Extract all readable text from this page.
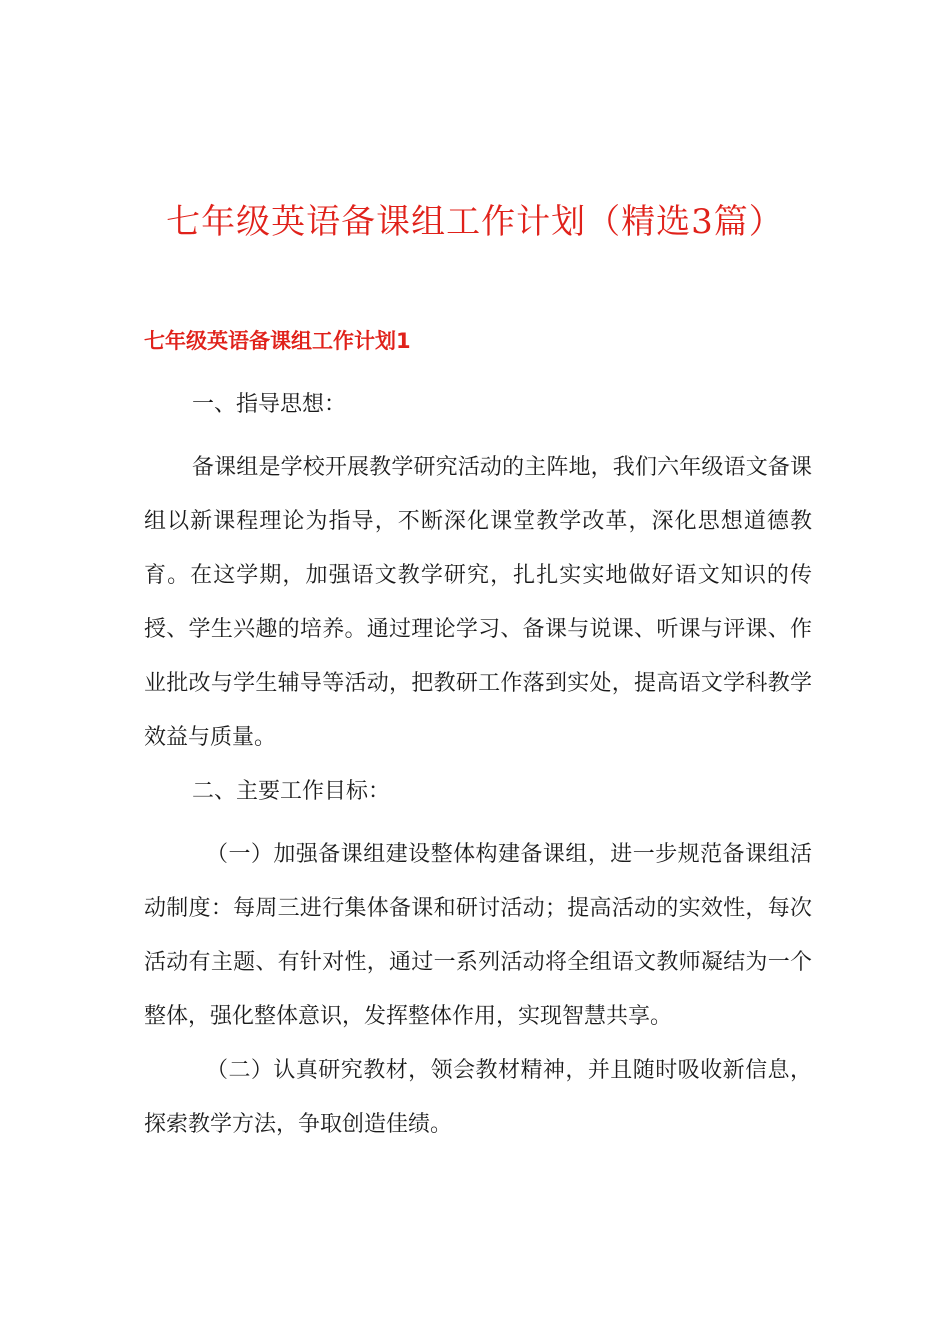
七年级英语备课组工作计划（精选3篇）
七年级英语备课组工作计划1

一、指导思想：

备课组是学校开展教学研究活动的主阵地，我们六年级语文备课组以新课程理论为指导，不断深化课堂教学改革，深化思想道德教育。在这学期，加强语文教学研究，扎扎实实地做好语文知识的传授、学生兴趣的培养。通过理论学习、备课与说课、听课与评课、作业批改与学生辅导等活动，把教研工作落到实处，提高语文学科教学效益与质量。

二、主要工作目标：

（一）加强备课组建设整体构建备课组，进一步规范备课组活动制度：每周三进行集体备课和研讨活动；提高活动的实效性，每次活动有主题、有针对性，通过一系列活动将全组语文教师凝结为一个整体，强化整体意识，发挥整体作用，实现智慧共享。

（二）认真研究教材，领会教材精神，并且随时吸收新信息，探索教学方法，争取创造佳绩。
